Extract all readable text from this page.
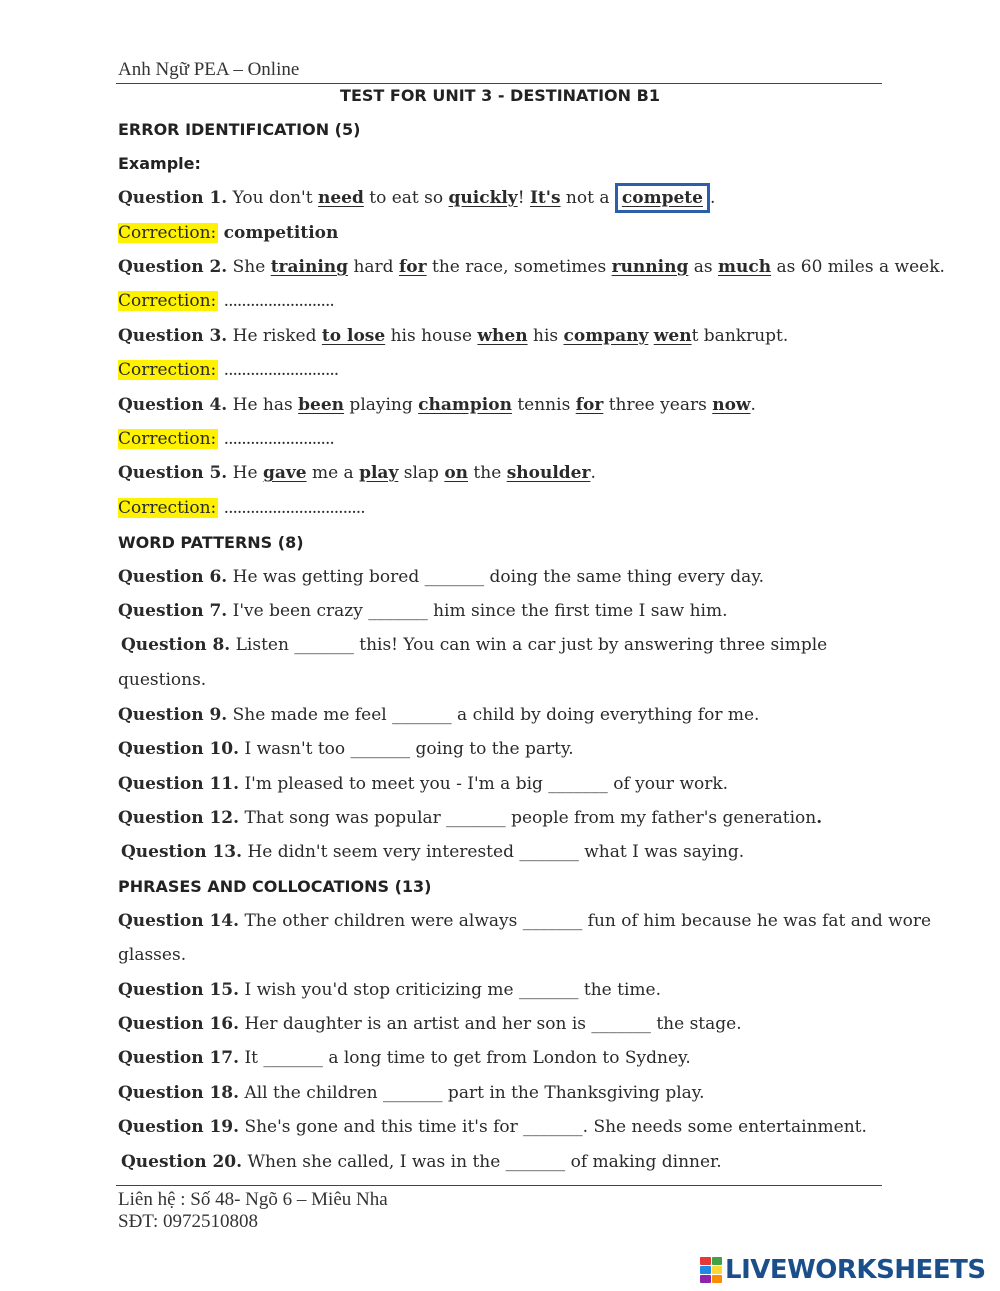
Anh Ngữ PEA – Online
TEST FOR UNIT 3 - DESTINATION B1
ERROR IDENTIFICATION (5)
Example:
Question 1. You don't need to eat so quickly! It's not a compete .
Correction: competition
Question 2. She training hard for the race, sometimes running as much as 60 miles a week.
Correction: .........................
Question 3. He risked to lose his house when his company went bankrupt.
Correction: ..........................
Question 4. He has been playing champion tennis for three years now.
Correction: .........................
Question 5. He gave me a play slap on the shoulder.
Correction: ................................
WORD PATTERNS (8)
Question 6. He was getting bored _______ doing the same thing every day.
Question 7. I've been crazy _______ him since the first time I saw him.
Question 8. Listen _______ this! You can win a car just by answering three simple
questions.
Question 9. She made me feel _______ a child by doing everything for me.
Question 10. I wasn't too _______ going to the party.
Question 11. I'm pleased to meet you - I'm a big _______ of your work.
Question 12. That song was popular _______ people from my father's generation.
Question 13. He didn't seem very interested _______ what I was saying.
PHRASES AND COLLOCATIONS (13)
Question 14. The other children were always _______ fun of him because he was fat and wore
glasses.
Question 15. I wish you'd stop criticizing me _______ the time.
Question 16. Her daughter is an artist and her son is _______ the stage.
Question 17. It _______ a long time to get from London to Sydney.
Question 18. All the children _______ part in the Thanksgiving play.
Question 19. She's gone and this time it's for _______. She needs some entertainment.
Question 20. When she called, I was in the _______ of making dinner.
Liên hệ : Số 48- Ngõ 6 – Miêu Nha
SĐT: 0972510808
LIVEWORKSHEETS
